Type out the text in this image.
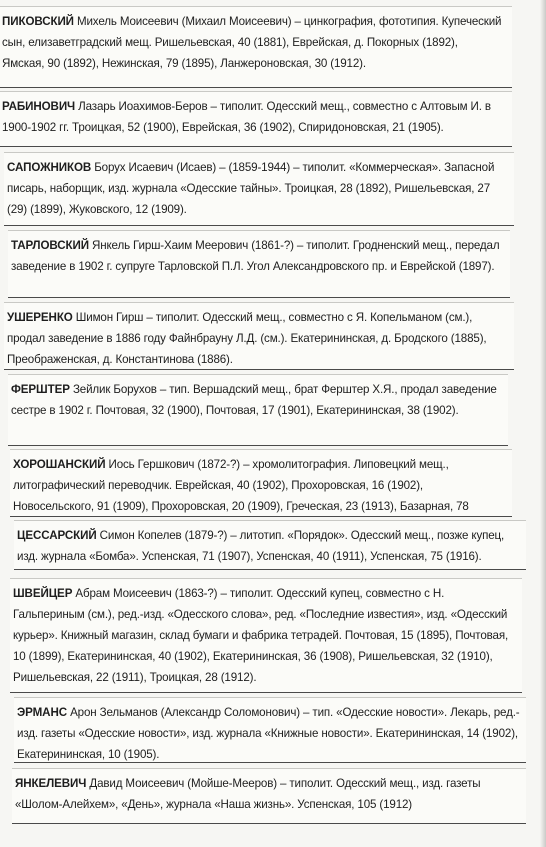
ПИКОВСКИЙ Михель Моисеевич (Михаил Моисеевич) – цинкография, фототипия. Купеческий сын, елизаветградский мещ. Ришельевская, 40 (1881), Еврейская, д. Покорных (1892), Ямская, 90 (1892), Нежинская, 79 (1895), Ланжероновская, 30 (1912).
РАБИНОВИЧ Лазарь Иоахимов-Беров – типолит. Одесский мещ., совместно с Алтовым И. в 1900-1902 гг. Троицкая, 52 (1900), Еврейская, 36 (1902), Спиридоновская, 21 (1905).
САПОЖНИКОВ Борух Исаевич (Исаев) – (1859-1944) – типолит. «Коммерческая». Запасной писарь, наборщик, изд. журнала «Одесские тайны». Троицкая, 28 (1892), Ришельевская, 27 (29) (1899), Жуковского, 12 (1909).
ТАРЛОВСКИЙ Янкель Гирш-Хаим Меерович (1861-?) – типолит. Гродненский мещ., передал заведение в 1902 г. супруге Тарловской П.Л. Угол Александровского пр. и Еврейской (1897).
УШЕРЕНКО Шимон Гирш – типолит. Одесский мещ., совместно с Я. Копельманом (см.), продал заведение в 1886 году Файнбрауну Л.Д. (см.). Екатерининская, д. Бродского (1885), Преображенская, д. Константинова (1886).
ФЕРШТЕР Зейлик Борухов – тип. Вершадский мещ., брат Ферштер Х.Я., продал заведение сестре в 1902 г. Почтовая, 32 (1900), Почтовая, 17 (1901), Екатерининская, 38 (1902).
ХОРОШАНСКИЙ Иось Гершкович (1872-?) – хромолитография. Липовецкий мещ., литографический переводчик. Еврейская, 40 (1902), Прохоровская, 16 (1902), Новосельского, 91 (1909), Прохоровская, 20 (1909), Греческая, 23 (1913), Базарная, 78
ЦЕССАРСКИЙ Симон Копелев (1879-?) – литотип. «Порядок». Одесский мещ., позже купец, изд. журнала «Бомба». Успенская, 71 (1907), Успенская, 40 (1911), Успенская, 75 (1916).
ШВЕЙЦЕР Абрам Моисеевич (1863-?) – типолит. Одесский купец, совместно с Н. Гальпериным (см.), ред.-изд. «Одесского слова», ред. «Последние известия», изд. «Одесский курьер». Книжный магазин, склад бумаги и фабрика тетрадей. Почтовая, 15 (1895), Почтовая, 10 (1899), Екатерининская, 40 (1902), Екатерининская, 36 (1908), Ришельевская, 32 (1910), Ришельевская, 22 (1911), Троицкая, 28 (1912).
ЭРМАНС Арон Зельманов (Александр Соломонович) – тип. «Одесские новости». Лекарь, ред.-изд. газеты «Одесские новости», изд. журнала «Книжные новости». Екатерининская, 14 (1902), Екатерининская, 10 (1905).
ЯНКЕЛЕВИЧ Давид Моисеевич (Мойше-Мееров) – типолит. Одесский мещ., изд. газеты «Шолом-Алейхем», «День», журнала «Наша жизнь». Успенская, 105 (1912)
